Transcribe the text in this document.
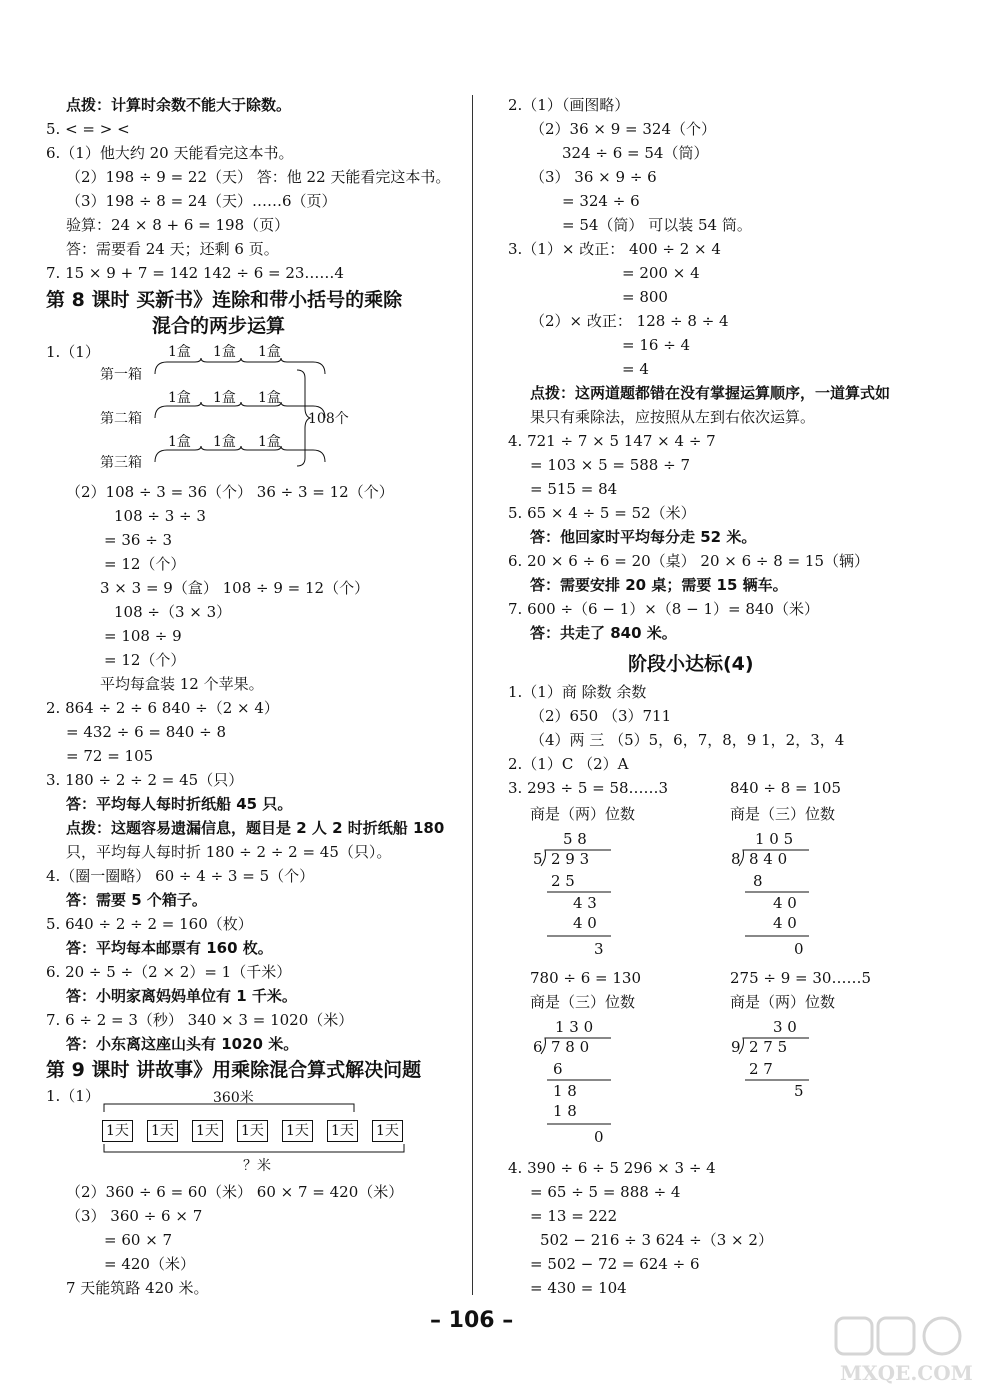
点拨：计算时余数不能大于除数。
5. < = > <
6.（1）他大约 20 天能看完这本书。
（2）198 ÷ 9 = 22（天） 答：他 22 天能看完这本书。
（3）198 ÷ 8 = 24（天）……6（页）
验算：24 × 8 + 6 = 198（页）
答：需要看 24 天；还剩 6 页。
7. 15 × 9 + 7 = 142 142 ÷ 6 = 23……4
第 8 课时 买新书》连除和带小括号的乘除
混合的两步运算
1.（1）	1盒 1盒 1盒
1盒 1盒 1盒
1盒 1盒 1盒
第一箱
第二箱
第三箱
108个
（2）108 ÷ 3 = 36（个） 36 ÷ 3 = 12（个）
108 ÷ 3 ÷ 3
= 36 ÷ 3
= 12（个）
3 × 3 = 9（盒） 108 ÷ 9 = 12（个）
108 ÷（3 × 3）
= 108 ÷ 9
= 12（个）
平均每盒装 12 个苹果。
2. 864 ÷ 2 ÷ 6 840 ÷（2 × 4）
= 432 ÷ 6 = 840 ÷ 8
= 72 = 105
3. 180 ÷ 2 ÷ 2 = 45（只）
答：平均每人每时折纸船 45 只。
点拨：这题容易遗漏信息，题目是 2 人 2 时折纸船 180
只，平均每人每时折 180 ÷ 2 ÷ 2 = 45（只）。
4.（圈一圈略） 60 ÷ 4 ÷ 3 = 5（个）
答：需要 5 个箱子。
5. 640 ÷ 2 ÷ 2 = 160（枚）
答：平均每本邮票有 160 枚。
6. 20 ÷ 5 ÷（2 × 2）= 1（千米）
答：小明家离妈妈单位有 1 千米。
7. 6 ÷ 2 = 3（秒） 340 × 3 = 1020（米）
答：小东离这座山头有 1020 米。
第 9 课时 讲故事》用乘除混合算式解决问题
1.（1）	360米
？米
1天 1天 1天 1天 1天 1天 1天
（2）360 ÷ 6 = 60（米） 60 × 7 = 420（米）
（3） 360 ÷ 6 × 7
= 60 × 7
= 420（米）
7 天能筑路 420 米。
2.（1）（画图略）
（2）36 × 9 = 324（个）
324 ÷ 6 = 54（筒）
（3） 36 × 9 ÷ 6
= 324 ÷ 6
= 54（筒） 可以装 54 筒。
3.（1）× 改正： 400 ÷ 2 × 4
= 200 × 4
= 800
（2）× 改正： 128 ÷ 8 ÷ 4
= 16 ÷ 4
= 4
点拨：这两道题都错在没有掌握运算顺序，一道算式如
果只有乘除法，应按照从左到右依次运算。
4. 721 ÷ 7 × 5 147 × 4 ÷ 7
= 103 × 5 = 588 ÷ 7
= 515 = 84
5. 65 × 4 ÷ 5 = 52（米）
答：他回家时平均每分走 52 米。
6. 20 × 6 ÷ 6 = 20（桌） 20 × 6 ÷ 8 = 15（辆）
答：需要安排 20 桌；需要 15 辆车。
7. 600 ÷（6 − 1）×（8 − 1）= 840（米）
答：共走了 840 米。
阶段小达标(4)
1.（1）商 除数 余数
（2）650 （3）711
（4）两 三 （5）5，6，7，8，9 1，2，3，4
2.（1）C （2）A
3. 293 ÷ 5 = 58……3	840 ÷ 8 = 105
商是（两）位数	商是（三）位数
5 8
5 2 9 3
2 5
4 3
4 0
3
1 0 5
8 8 4 0
8
4 0
4 0
0
780 ÷ 6 = 130	275 ÷ 9 = 30……5
商是（三）位数	商是（两）位数
1 3 0
6 7 8 0
6
1 8
1 8
0
3 0
9 2 7 5
2 7
5
4. 390 ÷ 6 ÷ 5 296 × 3 ÷ 4
= 65 ÷ 5 = 888 ÷ 4
= 13 = 222
502 − 216 ÷ 3 624 ÷（3 × 2）
= 502 − 72 = 624 ÷ 6
= 430 = 104
– 106 –
MXQE.COM
